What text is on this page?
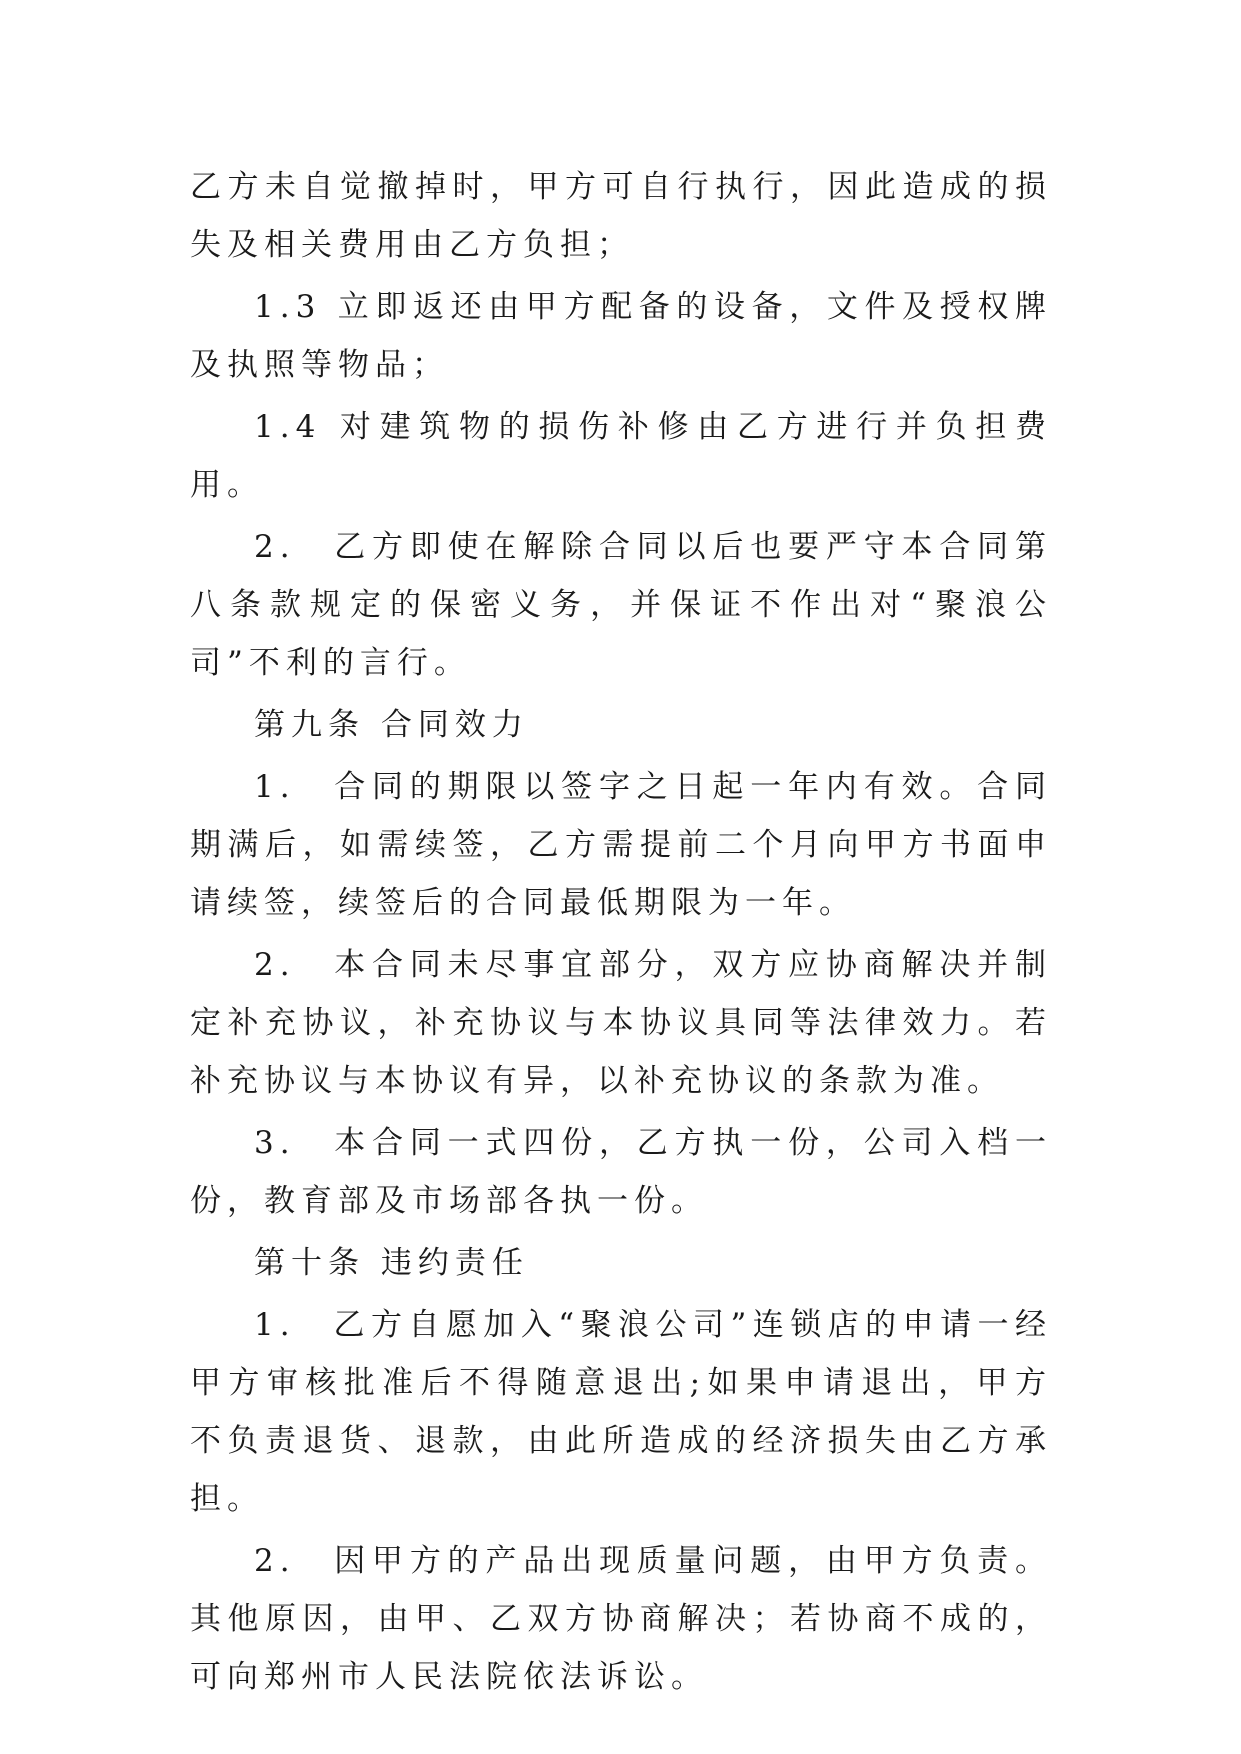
乙方未自觉撤掉时，甲方可自行执行，因此造成的损失及相关费用由乙方负担；

1.3 立即返还由甲方配备的设备，文件及授权牌及执照等物品；

1.4 对建筑物的损伤补修由乙方进行并负担费用。

2.　乙方即使在解除合同以后也要严守本合同第八条款规定的保密义务，并保证不作出对“聚浪公司”不利的言行。

第九条 合同效力

1.　合同的期限以签字之日起一年内有效。合同期满后，如需续签，乙方需提前二个月向甲方书面申请续签，续签后的合同最低期限为一年。

2.　本合同未尽事宜部分，双方应协商解决并制定补充协议，补充协议与本协议具同等法律效力。若补充协议与本协议有异，以补充协议的条款为准。

3.　本合同一式四份，乙方执一份，公司入档一份，教育部及市场部各执一份。

第十条 违约责任

1.　乙方自愿加入“聚浪公司”连锁店的申请一经甲方审核批准后不得随意退出;如果申请退出，甲方不负责退货、退款，由此所造成的经济损失由乙方承担。

2.　因甲方的产品出现质量问题，由甲方负责。其他原因，由甲、乙双方协商解决；若协商不成的，可向郑州市人民法院依法诉讼。
